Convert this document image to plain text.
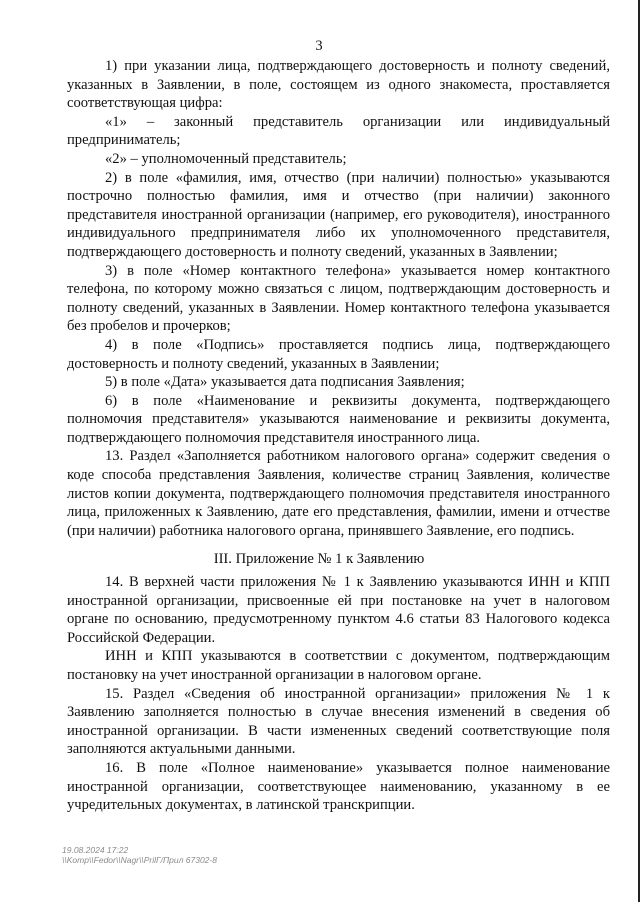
3

1) при указании лица, подтверждающего достоверность и полноту сведений, указанных в Заявлении, в поле, состоящем из одного знакоместа, проставляется соответствующая цифра:

«1» – законный представитель организации или индивидуальный предприниматель;

«2» – уполномоченный представитель;

2) в поле «фамилия, имя, отчество (при наличии) полностью» указываются построчно полностью фамилия, имя и отчество (при наличии) законного представителя иностранной организации (например, его руководителя), иностранного индивидуального предпринимателя либо их уполномоченного представителя, подтверждающего достоверность и полноту сведений, указанных в Заявлении;

3) в поле «Номер контактного телефона» указывается номер контактного телефона, по которому можно связаться с лицом, подтверждающим достоверность и полноту сведений, указанных в Заявлении. Номер контактного телефона указывается без пробелов и прочерков;

4) в поле «Подпись» проставляется подпись лица, подтверждающего достоверность и полноту сведений, указанных в Заявлении;

5) в поле «Дата» указывается дата подписания Заявления;

6) в поле «Наименование и реквизиты документа, подтверждающего полномочия представителя» указываются наименование и реквизиты документа, подтверждающего полномочия представителя иностранного лица.

13. Раздел «Заполняется работником налогового органа» содержит сведения о коде способа представления Заявления, количестве страниц Заявления, количестве листов копии документа, подтверждающего полномочия представителя иностранного лица, приложенных к Заявлению, дате его представления, фамилии, имени и отчестве (при наличии) работника налогового органа, принявшего Заявление, его подпись.

III. Приложение № 1 к Заявлению

14. В верхней части приложения № 1 к Заявлению указываются ИНН и КПП иностранной организации, присвоенные ей при постановке на учет в налоговом органе по основанию, предусмотренному пунктом 4.6 статьи 83 Налогового кодекса Российской Федерации.

ИНН и КПП указываются в соответствии с документом, подтверждающим постановку на учет иностранной организации в налоговом органе.

15. Раздел «Сведения об иностранной организации» приложения № 1 к Заявлению заполняется полностью в случае внесения изменений в сведения об иностранной организации. В части измененных сведений соответствующие поля заполняются актуальными данными.

16. В поле «Полное наименование» указывается полное наименование иностранной организации, соответствующее наименованию, указанному в ее учредительных документах, в латинской транскрипции.

19.08.2024 17:22
\\Komp\\Fedor\\Nagr\\PrilГ/Прил 67302-8
